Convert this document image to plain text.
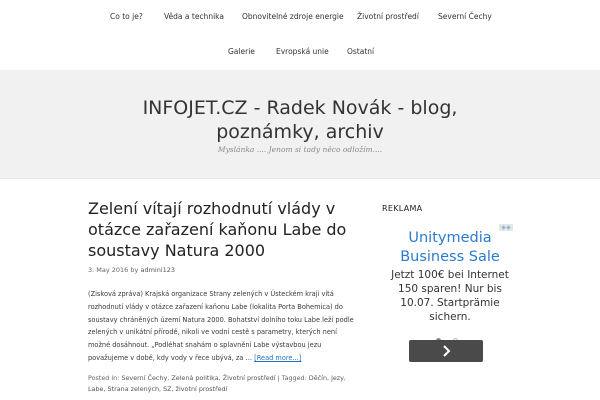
Co to je?	Věda a technika Obnovitelné zdroje energie Životní prostředí	Severní Čechy
Galerie	Evropská unie Ostatní
INFOJET.CZ - Radek Novák - blog,
poznámky, archiv
Myslánka .... Jenom si tady něco odložím....
Zelení vítají rozhodnutí vlády v otázce zařazení kaňonu Labe do soustavy Natura 2000
3. May 2016 by admini123
(Zisková zpráva) Krajská organizace Strany zelených v Ústeckém kraji vítá rozhodnutí vlády v otázce zařazení kaňonu Labe (lokalita Porta Bohemica) do soustavy chráněných území Natura 2000. Bohatství dolního toku Labe leží podle zelených v unikátní přírodě, nikoli ve vodní cestě s parametry, kterých není možné dosáhnout. „Podléhat snahám o splavnění Labe výstavbou jezu považujeme v době, kdy vody v řece ubývá, za … [Read more...]
Posted in: Severní Čechy, Zelená politika, Životní prostředí | Tagged: Děčín, jezy, Labe, Strana zelených, SZ, životní prostředí
REKLAMA
Unitymedia
Business Sale
Jetzt 100€ bei Internet
150 sparen! Nur bis
10.07. Startprämie
sichern.
